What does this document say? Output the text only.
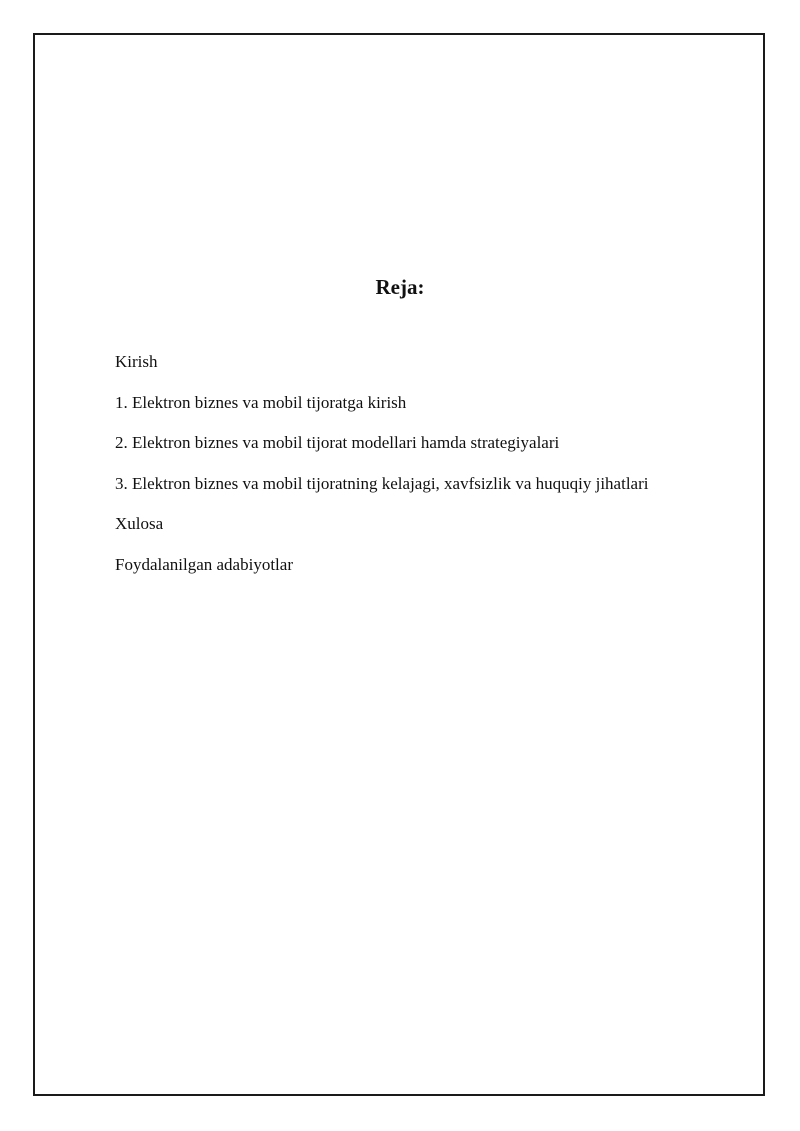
Reja:
Kirish
1. Elektron biznes va mobil tijoratga kirish
2. Elektron biznes va mobil tijorat modellari hamda strategiyalari
3. Elektron biznes va mobil tijoratning kelajagi, xavfsizlik va huquqiy jihatlari
Xulosa
Foydalanilgan adabiyotlar
